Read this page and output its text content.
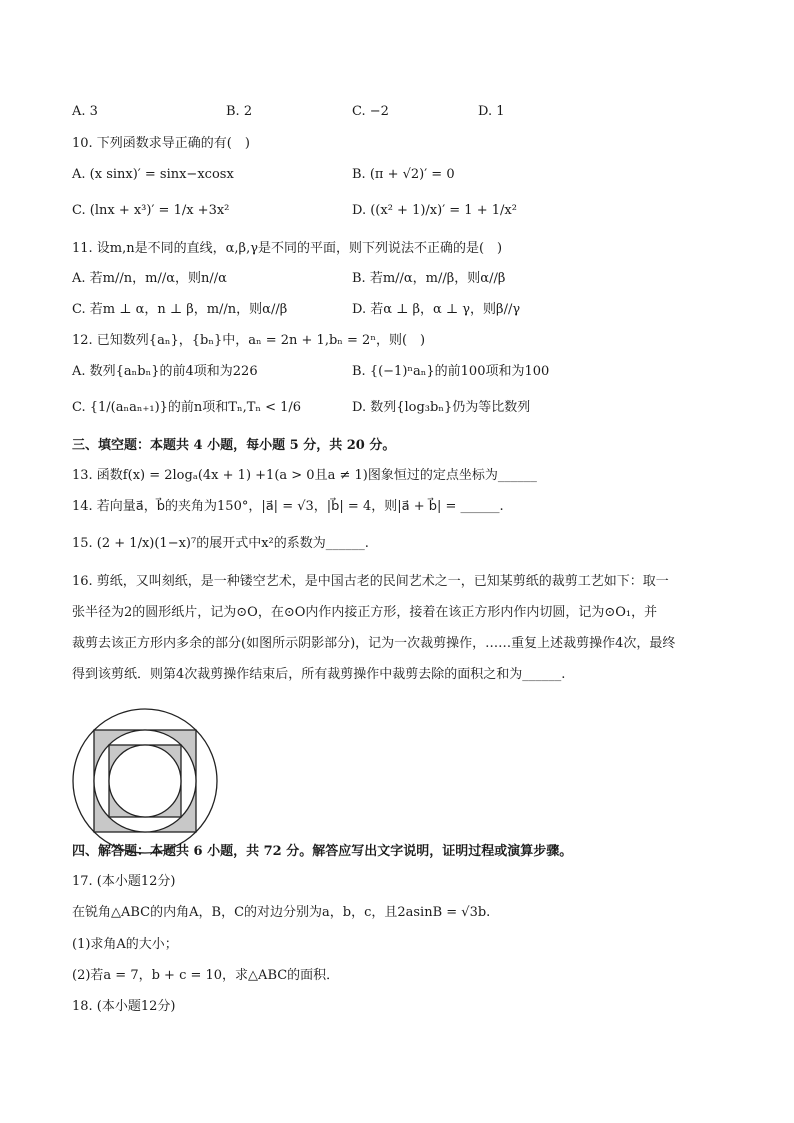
A. 3	B. 2	C. −2	D. 1
10. 下列函数求导正确的有(　)
A. (x sinx)′ = sinx−xcosx	B. (π + √2)′ = 0
C. (lnx + x³)′ = 1/x +3x²	D. ((x² + 1)/x)′ = 1 + 1/x²
11. 设m,n是不同的直线，α,β,γ是不同的平面，则下列说法不正确的是(　)
A. 若m//n，m//α，则n//α	B. 若m//α，m//β，则α//β
C. 若m ⊥ α，n ⊥ β，m//n，则α//β	D. 若α ⊥ β，α ⊥ γ，则β//γ
12. 已知数列{aₙ}，{bₙ}中，aₙ = 2n + 1,bₙ = 2ⁿ，则(　)
A. 数列{aₙbₙ}的前4项和为226	B. {(−1)ⁿaₙ}的前100项和为100
C. {1/(aₙaₙ₊₁)}的前n项和Tₙ,Tₙ < 1/6	D. 数列{log₃bₙ}仍为等比数列
三、填空题：本题共 4 小题，每小题 5 分，共 20 分。
13. 函数f(x) = 2logₐ(4x + 1) +1(a > 0且a ≠ 1)图象恒过的定点坐标为______
14. 若向量a⃗，b⃗的夹角为150°，|a⃗| = √3，|b⃗| = 4，则|a⃗ + b⃗| = ______.
15. (2 + 1/x)(1−x)⁷的展开式中x²的系数为______.
16. 剪纸，又叫刻纸，是一种镂空艺术，是中国古老的民间艺术之一，已知某剪纸的裁剪工艺如下：取一
张半径为2的圆形纸片，记为⊙O，在⊙O内作内接正方形，接着在该正方形内作内切圆，记为⊙O₁，并
裁剪去该正方形内多余的部分(如图所示阴影部分)，记为一次裁剪操作，……重复上述裁剪操作4次，最终
得到该剪纸．则第4次裁剪操作结束后，所有裁剪操作中裁剪去除的面积之和为______.
四、解答题：本题共 6 小题，共 72 分。解答应写出文字说明，证明过程或演算步骤。
17. (本小题12分)
在锐角△ABC的内角A，B，C的对边分别为a，b，c，且2asinB = √3b.
(1)求角A的大小；
(2)若a = 7，b + c = 10，求△ABC的面积．
18. (本小题12分)
